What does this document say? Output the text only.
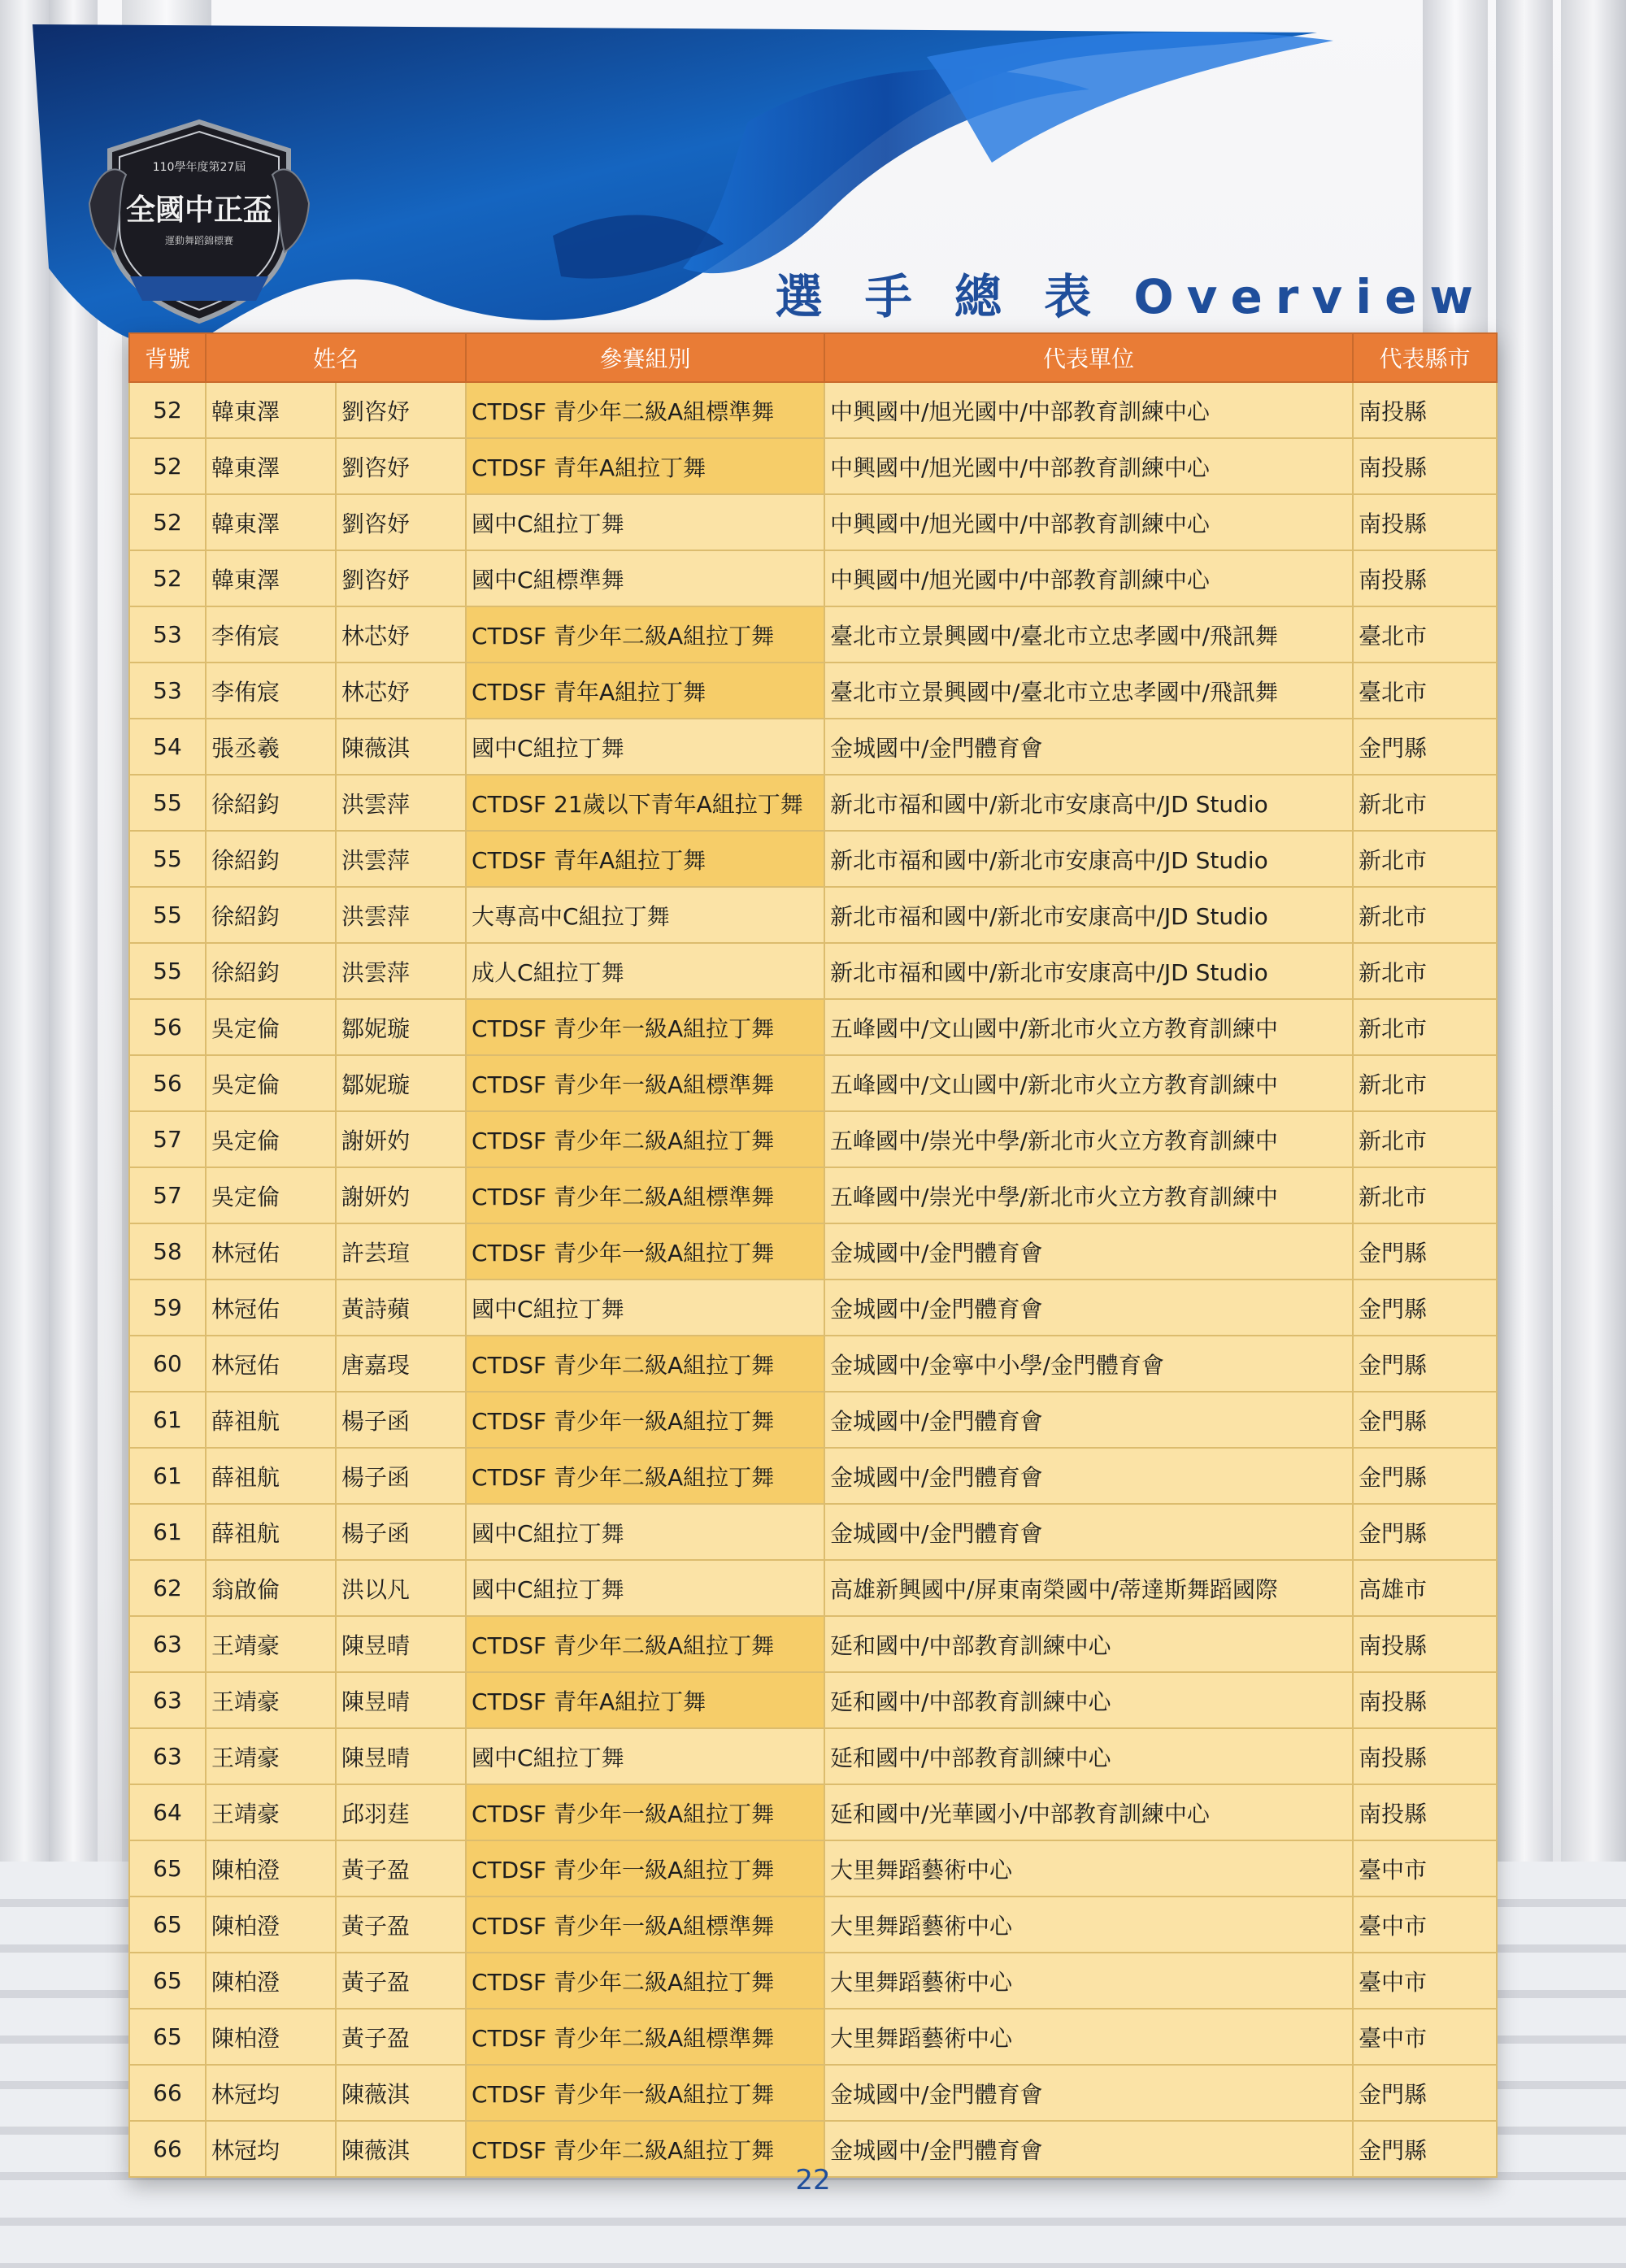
110學年度第27屆
全國中正盃
運動舞蹈錦標賽
選 手 總 表 Overview
背號	姓名		參賽組別	代表單位	代表縣市
52	韓東澤	劉咨妤	CTDSF 青少年二級A組標準舞	中興國中/旭光國中/中部教育訓練中心	南投縣
52	韓東澤	劉咨妤	CTDSF 青年A組拉丁舞	中興國中/旭光國中/中部教育訓練中心	南投縣
52	韓東澤	劉咨妤	國中C組拉丁舞	中興國中/旭光國中/中部教育訓練中心	南投縣
52	韓東澤	劉咨妤	國中C組標準舞	中興國中/旭光國中/中部教育訓練中心	南投縣
53	李侑宸	林芯妤	CTDSF 青少年二級A組拉丁舞	臺北市立景興國中/臺北市立忠孝國中/飛訊舞	臺北市
53	李侑宸	林芯妤	CTDSF 青年A組拉丁舞	臺北市立景興國中/臺北市立忠孝國中/飛訊舞	臺北市
54	張丞羲	陳薇淇	國中C組拉丁舞	金城國中/金門體育會	金門縣
55	徐紹鈞	洪雲萍	CTDSF 21歲以下青年A組拉丁舞	新北市福和國中/新北市安康高中/JD Studio	新北市
55	徐紹鈞	洪雲萍	CTDSF 青年A組拉丁舞	新北市福和國中/新北市安康高中/JD Studio	新北市
55	徐紹鈞	洪雲萍	大專高中C組拉丁舞	新北市福和國中/新北市安康高中/JD Studio	新北市
55	徐紹鈞	洪雲萍	成人C組拉丁舞	新北市福和國中/新北市安康高中/JD Studio	新北市
56	吳定倫	鄒妮璇	CTDSF 青少年一級A組拉丁舞	五峰國中/文山國中/新北市火立方教育訓練中	新北市
56	吳定倫	鄒妮璇	CTDSF 青少年一級A組標準舞	五峰國中/文山國中/新北市火立方教育訓練中	新北市
57	吳定倫	謝妍妁	CTDSF 青少年二級A組拉丁舞	五峰國中/崇光中學/新北市火立方教育訓練中	新北市
57	吳定倫	謝妍妁	CTDSF 青少年二級A組標準舞	五峰國中/崇光中學/新北市火立方教育訓練中	新北市
58	林冠佑	許芸瑄	CTDSF 青少年一級A組拉丁舞	金城國中/金門體育會	金門縣
59	林冠佑	黃詩蘋	國中C組拉丁舞	金城國中/金門體育會	金門縣
60	林冠佑	唐嘉琝	CTDSF 青少年二級A組拉丁舞	金城國中/金寧中小學/金門體育會	金門縣
61	薛祖航	楊子函	CTDSF 青少年一級A組拉丁舞	金城國中/金門體育會	金門縣
61	薛祖航	楊子函	CTDSF 青少年二級A組拉丁舞	金城國中/金門體育會	金門縣
61	薛祖航	楊子函	國中C組拉丁舞	金城國中/金門體育會	金門縣
62	翁啟倫	洪以凡	國中C組拉丁舞	高雄新興國中/屏東南榮國中/蒂達斯舞蹈國際	高雄市
63	王靖豪	陳昱晴	CTDSF 青少年二級A組拉丁舞	延和國中/中部教育訓練中心	南投縣
63	王靖豪	陳昱晴	CTDSF 青年A組拉丁舞	延和國中/中部教育訓練中心	南投縣
63	王靖豪	陳昱晴	國中C組拉丁舞	延和國中/中部教育訓練中心	南投縣
64	王靖豪	邱羽莛	CTDSF 青少年一級A組拉丁舞	延和國中/光華國小/中部教育訓練中心	南投縣
65	陳柏澄	黃子盈	CTDSF 青少年一級A組拉丁舞	大里舞蹈藝術中心	臺中市
65	陳柏澄	黃子盈	CTDSF 青少年一級A組標準舞	大里舞蹈藝術中心	臺中市
65	陳柏澄	黃子盈	CTDSF 青少年二級A組拉丁舞	大里舞蹈藝術中心	臺中市
65	陳柏澄	黃子盈	CTDSF 青少年二級A組標準舞	大里舞蹈藝術中心	臺中市
66	林冠均	陳薇淇	CTDSF 青少年一級A組拉丁舞	金城國中/金門體育會	金門縣
66	林冠均	陳薇淇	CTDSF 青少年二級A組拉丁舞	金城國中/金門體育會	金門縣
22
